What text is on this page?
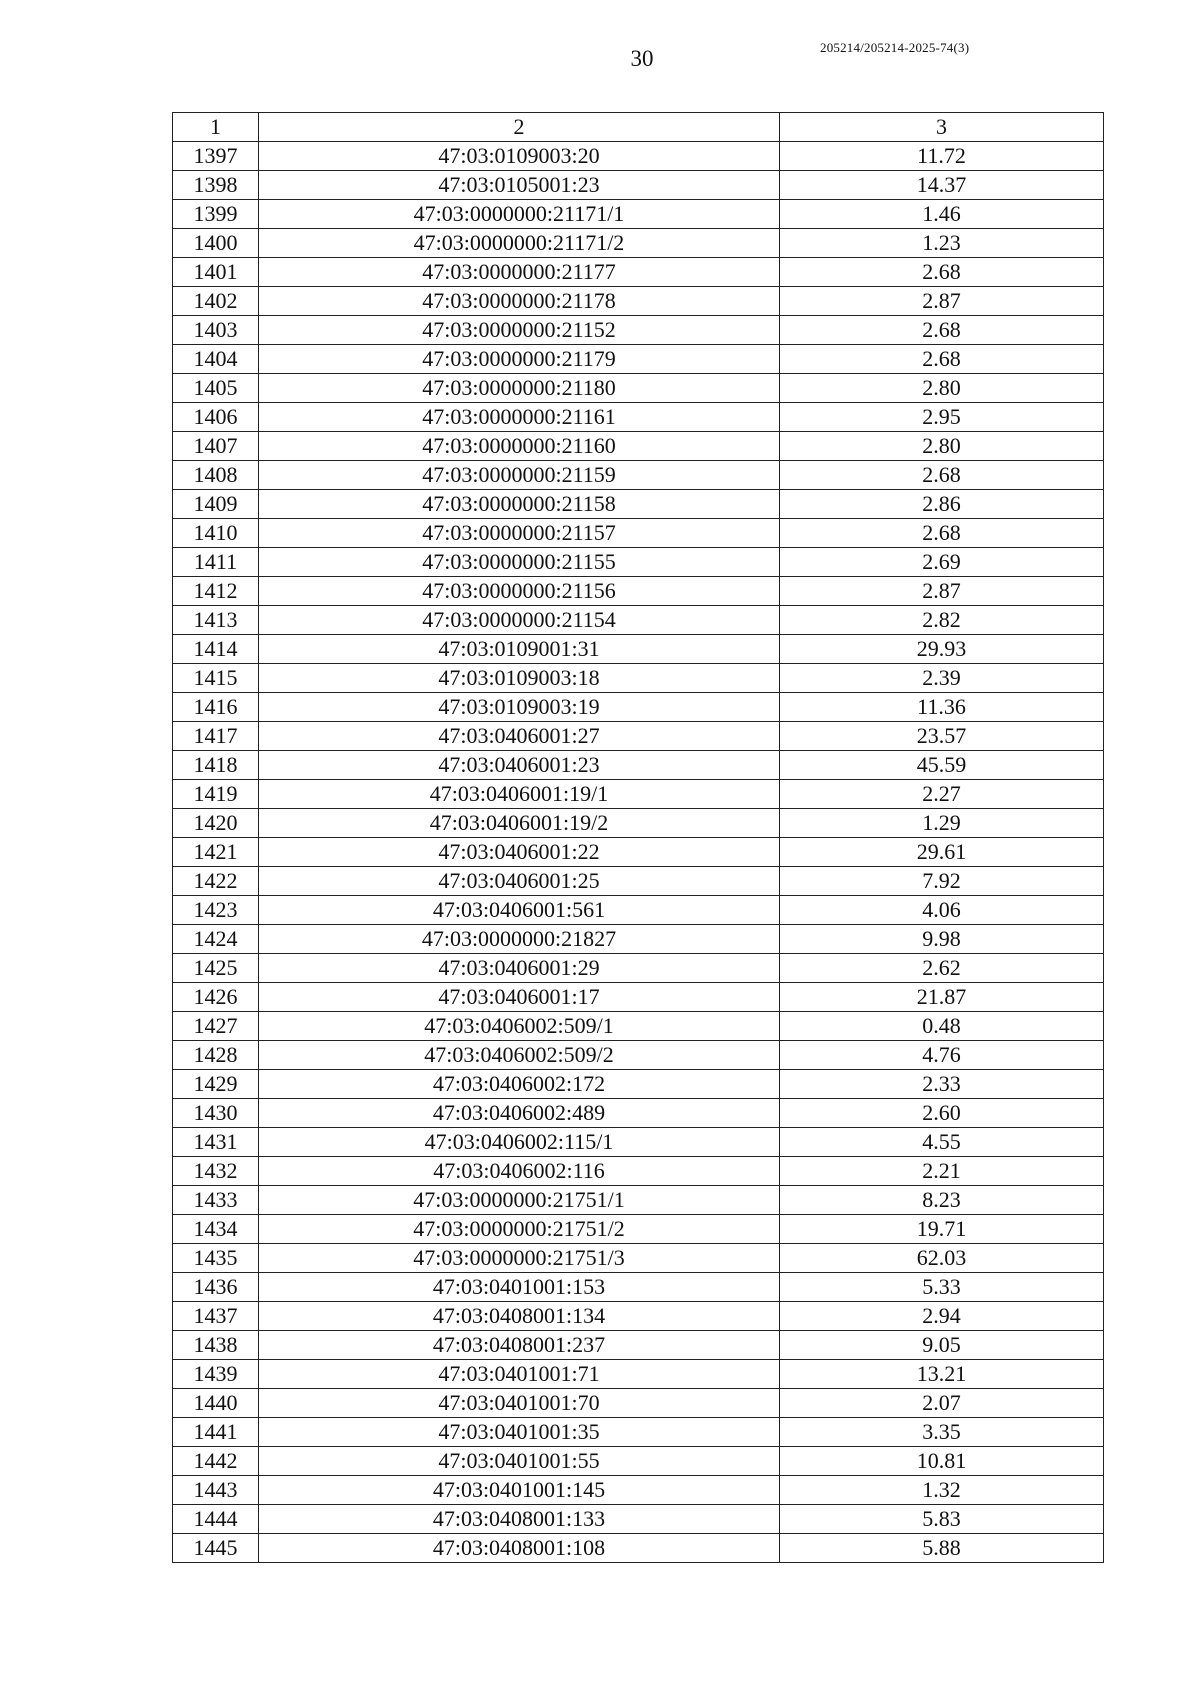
30	205214/205214-2025-74(3)
1	2	3
1397	47:03:0109003:20	11.72
1398	47:03:0105001:23	14.37
1399	47:03:0000000:21171/1	1.46
1400	47:03:0000000:21171/2	1.23
1401	47:03:0000000:21177	2.68
1402	47:03:0000000:21178	2.87
1403	47:03:0000000:21152	2.68
1404	47:03:0000000:21179	2.68
1405	47:03:0000000:21180	2.80
1406	47:03:0000000:21161	2.95
1407	47:03:0000000:21160	2.80
1408	47:03:0000000:21159	2.68
1409	47:03:0000000:21158	2.86
1410	47:03:0000000:21157	2.68
1411	47:03:0000000:21155	2.69
1412	47:03:0000000:21156	2.87
1413	47:03:0000000:21154	2.82
1414	47:03:0109001:31	29.93
1415	47:03:0109003:18	2.39
1416	47:03:0109003:19	11.36
1417	47:03:0406001:27	23.57
1418	47:03:0406001:23	45.59
1419	47:03:0406001:19/1	2.27
1420	47:03:0406001:19/2	1.29
1421	47:03:0406001:22	29.61
1422	47:03:0406001:25	7.92
1423	47:03:0406001:561	4.06
1424	47:03:0000000:21827	9.98
1425	47:03:0406001:29	2.62
1426	47:03:0406001:17	21.87
1427	47:03:0406002:509/1	0.48
1428	47:03:0406002:509/2	4.76
1429	47:03:0406002:172	2.33
1430	47:03:0406002:489	2.60
1431	47:03:0406002:115/1	4.55
1432	47:03:0406002:116	2.21
1433	47:03:0000000:21751/1	8.23
1434	47:03:0000000:21751/2	19.71
1435	47:03:0000000:21751/3	62.03
1436	47:03:0401001:153	5.33
1437	47:03:0408001:134	2.94
1438	47:03:0408001:237	9.05
1439	47:03:0401001:71	13.21
1440	47:03:0401001:70	2.07
1441	47:03:0401001:35	3.35
1442	47:03:0401001:55	10.81
1443	47:03:0401001:145	1.32
1444	47:03:0408001:133	5.83
1445	47:03:0408001:108	5.88
